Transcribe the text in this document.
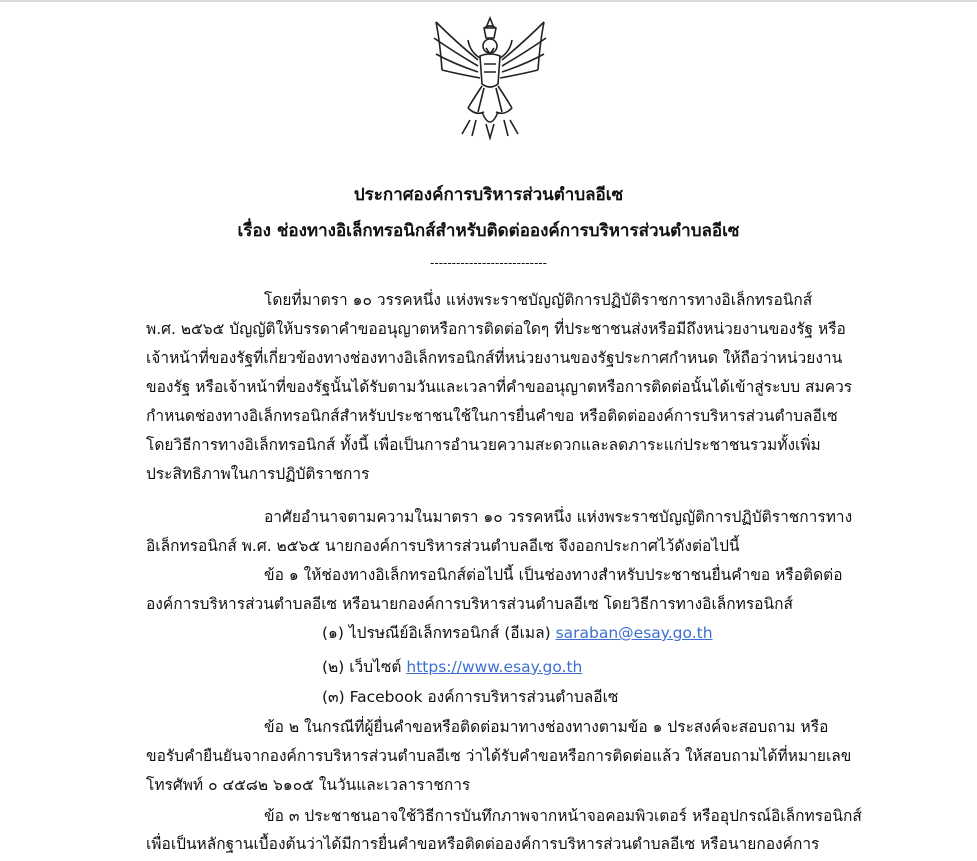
ประกาศองค์การบริหารส่วนตำบลอีเซ
เรื่อง ช่องทางอิเล็กทรอนิกส์สำหรับติดต่อองค์การบริหารส่วนตำบลอีเซ
---------------------------
โดยที่มาตรา ๑๐ วรรคหนึ่ง แห่งพระราชบัญญัติการปฏิบัติราชการทางอิเล็กทรอนิกส์
พ.ศ. ๒๕๖๕ บัญญัติให้บรรดาคำขออนุญาตหรือการติดต่อใดๆ ที่ประชาชนส่งหรือมีถึงหน่วยงานของรัฐ หรือ
เจ้าหน้าที่ของรัฐที่เกี่ยวข้องทางช่องทางอิเล็กทรอนิกส์ที่หน่วยงานของรัฐประกาศกำหนด ให้ถือว่าหน่วยงาน
ของรัฐ หรือเจ้าหน้าที่ของรัฐนั้นได้รับตามวันและเวลาที่คำขออนุญาตหรือการติดต่อนั้นได้เข้าสู่ระบบ สมควร
กำหนดช่องทางอิเล็กทรอนิกส์สำหรับประชาชนใช้ในการยื่นคำขอ หรือติดต่อองค์การบริหารส่วนตำบลอีเซ
โดยวิธีการทางอิเล็กทรอนิกส์ ทั้งนี้ เพื่อเป็นการอำนวยความสะดวกและลดภาระแก่ประชาชนรวมทั้งเพิ่ม
ประสิทธิภาพในการปฏิบัติราชการ
อาศัยอำนาจตามความในมาตรา ๑๐ วรรคหนึ่ง แห่งพระราชบัญญัติการปฏิบัติราชการทาง
อิเล็กทรอนิกส์ พ.ศ. ๒๕๖๕ นายกองค์การบริหารส่วนตำบลอีเซ จึงออกประกาศไว้ดังต่อไปนี้
ข้อ ๑ ให้ช่องทางอิเล็กทรอนิกส์ต่อไปนี้ เป็นช่องทางสำหรับประชาชนยื่นคำขอ หรือติดต่อ
องค์การบริหารส่วนตำบลอีเซ หรือนายกองค์การบริหารส่วนตำบลอีเซ โดยวิธีการทางอิเล็กทรอนิกส์
(๑) ไปรษณีย์อิเล็กทรอนิกส์ (อีเมล) saraban@esay.go.th
(๒) เว็บไซต์ https://www.esay.go.th
(๓) Facebook องค์การบริหารส่วนตำบลอีเซ
ข้อ ๒ ในกรณีที่ผู้ยื่นคำขอหรือติดต่อมาทางช่องทางตามข้อ ๑ ประสงค์จะสอบถาม หรือ
ขอรับคำยืนยันจากองค์การบริหารส่วนตำบลอีเซ ว่าได้รับคำขอหรือการติดต่อแล้ว ให้สอบถามได้ที่หมายเลข
โทรศัพท์ ๐ ๔๕๘๒ ๖๑๐๕ ในวันและเวลาราชการ
ข้อ ๓ ประชาชนอาจใช้วิธีการบันทึกภาพจากหน้าจอคอมพิวเตอร์ หรืออุปกรณ์อิเล็กทรอนิกส์
เพื่อเป็นหลักฐานเบื้องต้นว่าได้มีการยื่นคำขอหรือติดต่อองค์การบริหารส่วนตำบลอีเซ หรือนายกองค์การ
